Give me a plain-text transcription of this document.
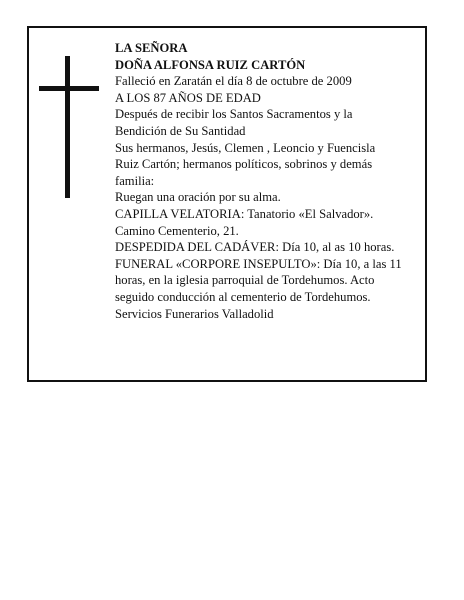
LA SEÑORA
DOÑA ALFONSA RUIZ CARTÓN
Falleció en Zaratán el día 8 de octubre de 2009
A LOS 87 AÑOS DE EDAD
Después de recibir los Santos Sacramentos y la
Bendición de Su Santidad
Sus hermanos, Jesús, Clemen , Leoncio y Fuencisla
Ruiz Cartón; hermanos políticos, sobrinos y demás
familia:
Ruegan una oración por su alma.
CAPILLA VELATORIA: Tanatorio «El Salvador».
Camino Cementerio, 21.
DESPEDIDA DEL CADÁVER: Día 10, al as 10 horas.
FUNERAL «CORPORE INSEPULTO»: Día 10, a las 11
horas, en la iglesia parroquial de Tordehumos. Acto
seguido conducción al cementerio de Tordehumos.
Servicios Funerarios Valladolid
